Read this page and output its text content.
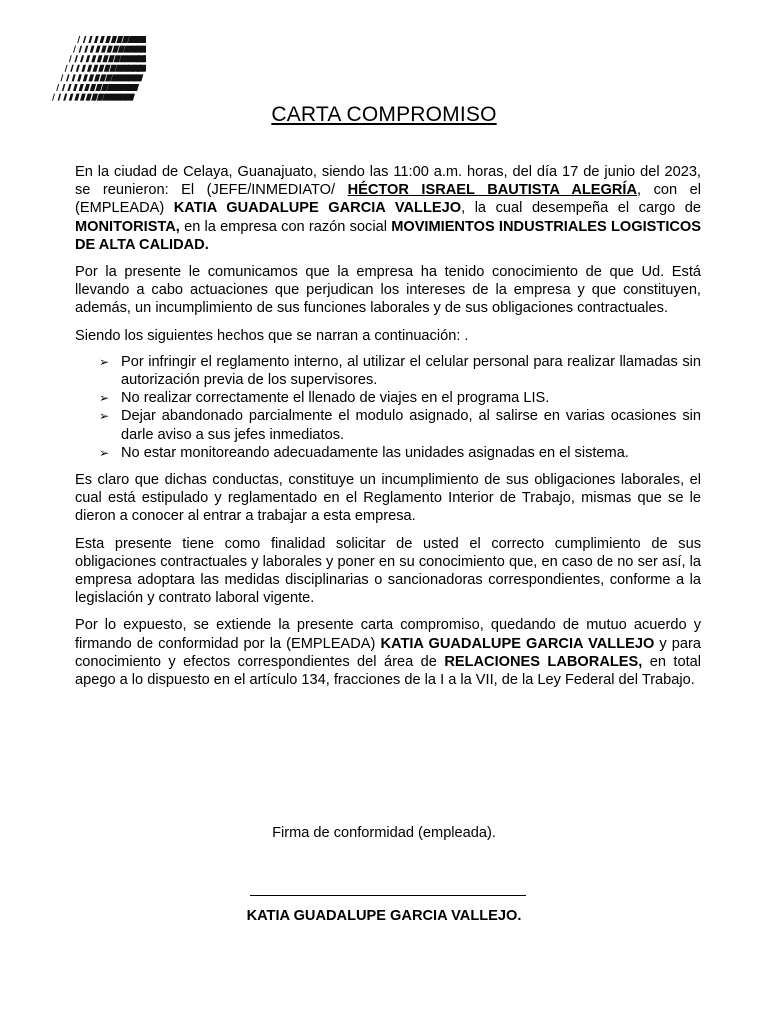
CARTA COMPROMISO

En la ciudad de Celaya, Guanajuato, siendo las 11:00 a.m. horas, del día 17 de junio del 2023, se reunieron: El (JEFE/INMEDIATO/ HÉCTOR ISRAEL BAUTISTA ALEGRÍA, con el (EMPLEADA) KATIA GUADALUPE GARCIA VALLEJO, la cual desempeña el cargo de MONITORISTA, en la empresa con razón social MOVIMIENTOS INDUSTRIALES LOGISTICOS DE ALTA CALIDAD.

Por la presente le comunicamos que la empresa ha tenido conocimiento de que Ud. Está llevando a cabo actuaciones que perjudican los intereses de la empresa y que constituyen, además, un incumplimiento de sus funciones laborales y de sus obligaciones contractuales.

Siendo los siguientes hechos que se narran a continuación: .

➢ Por infringir el reglamento interno, al utilizar el celular personal para realizar llamadas sin autorización previa de los supervisores.
➢ No realizar correctamente el llenado de viajes en el programa LIS.
➢ Dejar abandonado parcialmente el modulo asignado, al salirse en varias ocasiones sin darle aviso a sus jefes inmediatos.
➢ No estar monitoreando adecuadamente las unidades asignadas en el sistema.

Es claro que dichas conductas, constituye un incumplimiento de sus obligaciones laborales, el cual está estipulado y reglamentado en el Reglamento Interior de Trabajo, mismas que se le dieron a conocer al entrar a trabajar a esta empresa.

Esta presente tiene como finalidad solicitar de usted el correcto cumplimiento de sus obligaciones contractuales y laborales y poner en su conocimiento que, en caso de no ser así, la empresa adoptara las medidas disciplinarias o sancionadoras correspondientes, conforme a la legislación y contrato laboral vigente.

Por lo expuesto, se extiende la presente carta compromiso, quedando de mutuo acuerdo y firmando de conformidad por la (EMPLEADA) KATIA GUADALUPE GARCIA VALLEJO y para conocimiento y efectos correspondientes del área de RELACIONES LABORALES, en total apego a lo dispuesto en el artículo 134, fracciones de la I a la VII, de la Ley Federal del Trabajo.

Firma de conformidad (empleada).
KATIA GUADALUPE GARCIA VALLEJO.
